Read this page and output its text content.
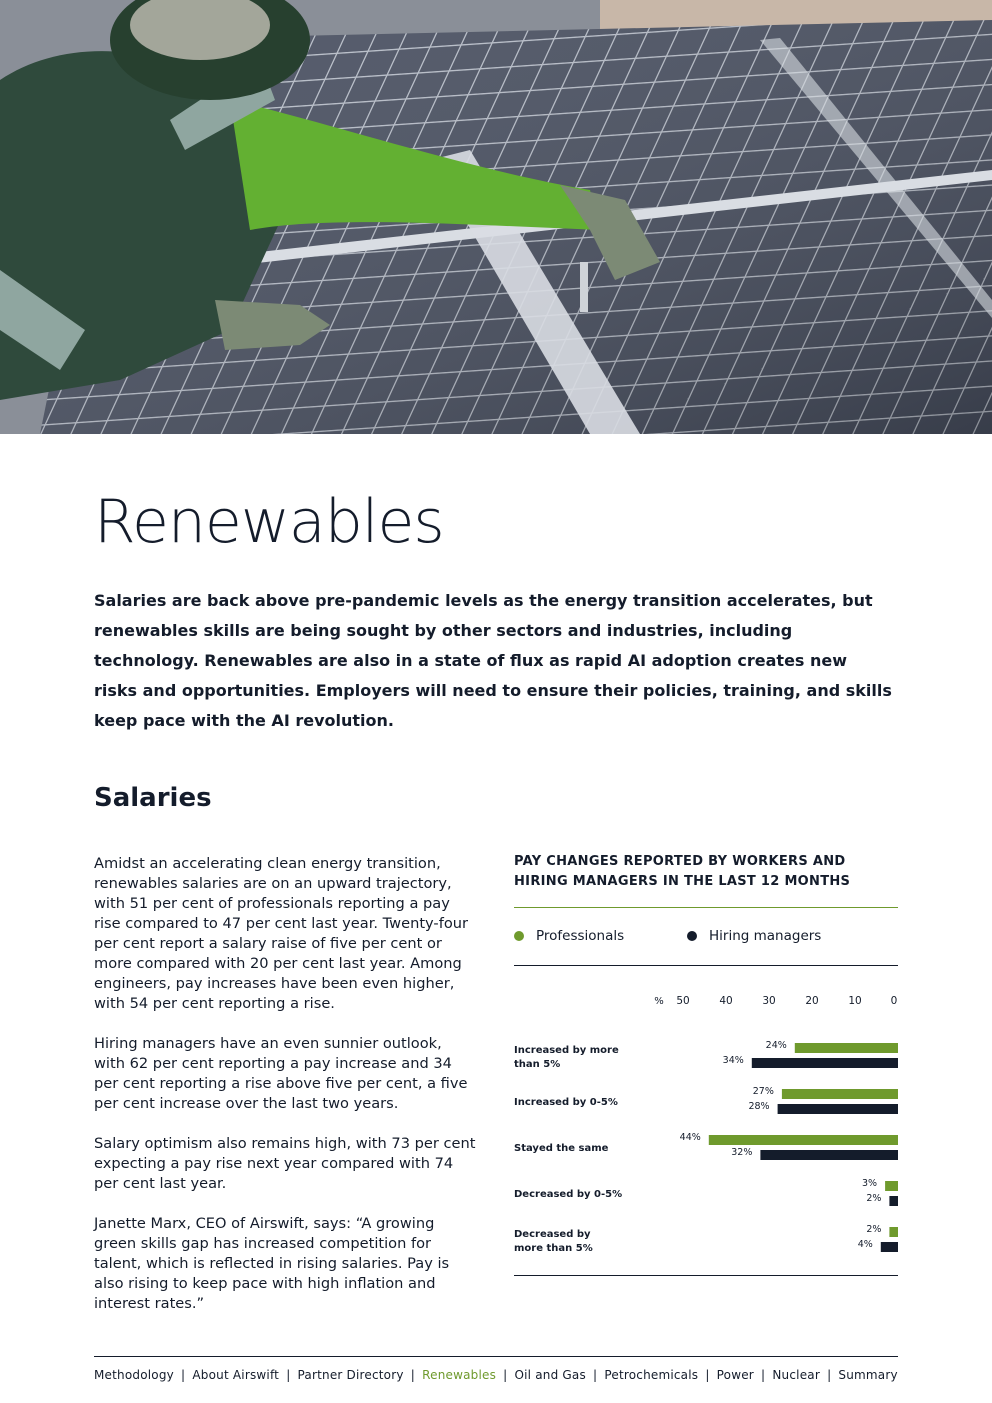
Renewables

Salaries are back above pre-pandemic levels as the energy transition accelerates, but renewables skills are being sought by other sectors and industries, including technology. Renewables are also in a state of flux as rapid AI adoption creates new risks and opportunities. Employers will need to ensure their policies, training, and skills keep pace with the AI revolution.

Salaries

Amidst an accelerating clean energy transition, renewables salaries are on an upward trajectory, with 51 per cent of professionals reporting a pay rise compared to 47 per cent last year. Twenty-four per cent report a salary raise of five per cent or more compared with 20 per cent last year. Among engineers, pay increases have been even higher, with 54 per cent reporting a rise.

Hiring managers have an even sunnier outlook, with 62 per cent reporting a pay increase and 34 per cent reporting a rise above five per cent, a five per cent increase over the last two years.

Salary optimism also remains high, with 73 per cent expecting a pay rise next year compared with 74 per cent last year.

Janette Marx, CEO of Airswift, says: “A growing green skills gap has increased competition for talent, which is reflected in rising salaries. Pay is also rising to keep pace with high inflation and interest rates.”

PAY CHANGES REPORTED BY WORKERS AND HIRING MANAGERS IN THE LAST 12 MONTHS
Professionals	Hiring managers
% 50	40	30	20	10	0
Increased by more than 5%
24%
34%
Increased by 0-5%
27%
28%
Stayed the same
44%
32%
Decreased by 0-5%
3%
2%
Decreased by more than 5%
2%
4%
Methodology | About Airswift | Partner Directory | Renewables | Oil and Gas | Petrochemicals | Power | Nuclear | Summary
